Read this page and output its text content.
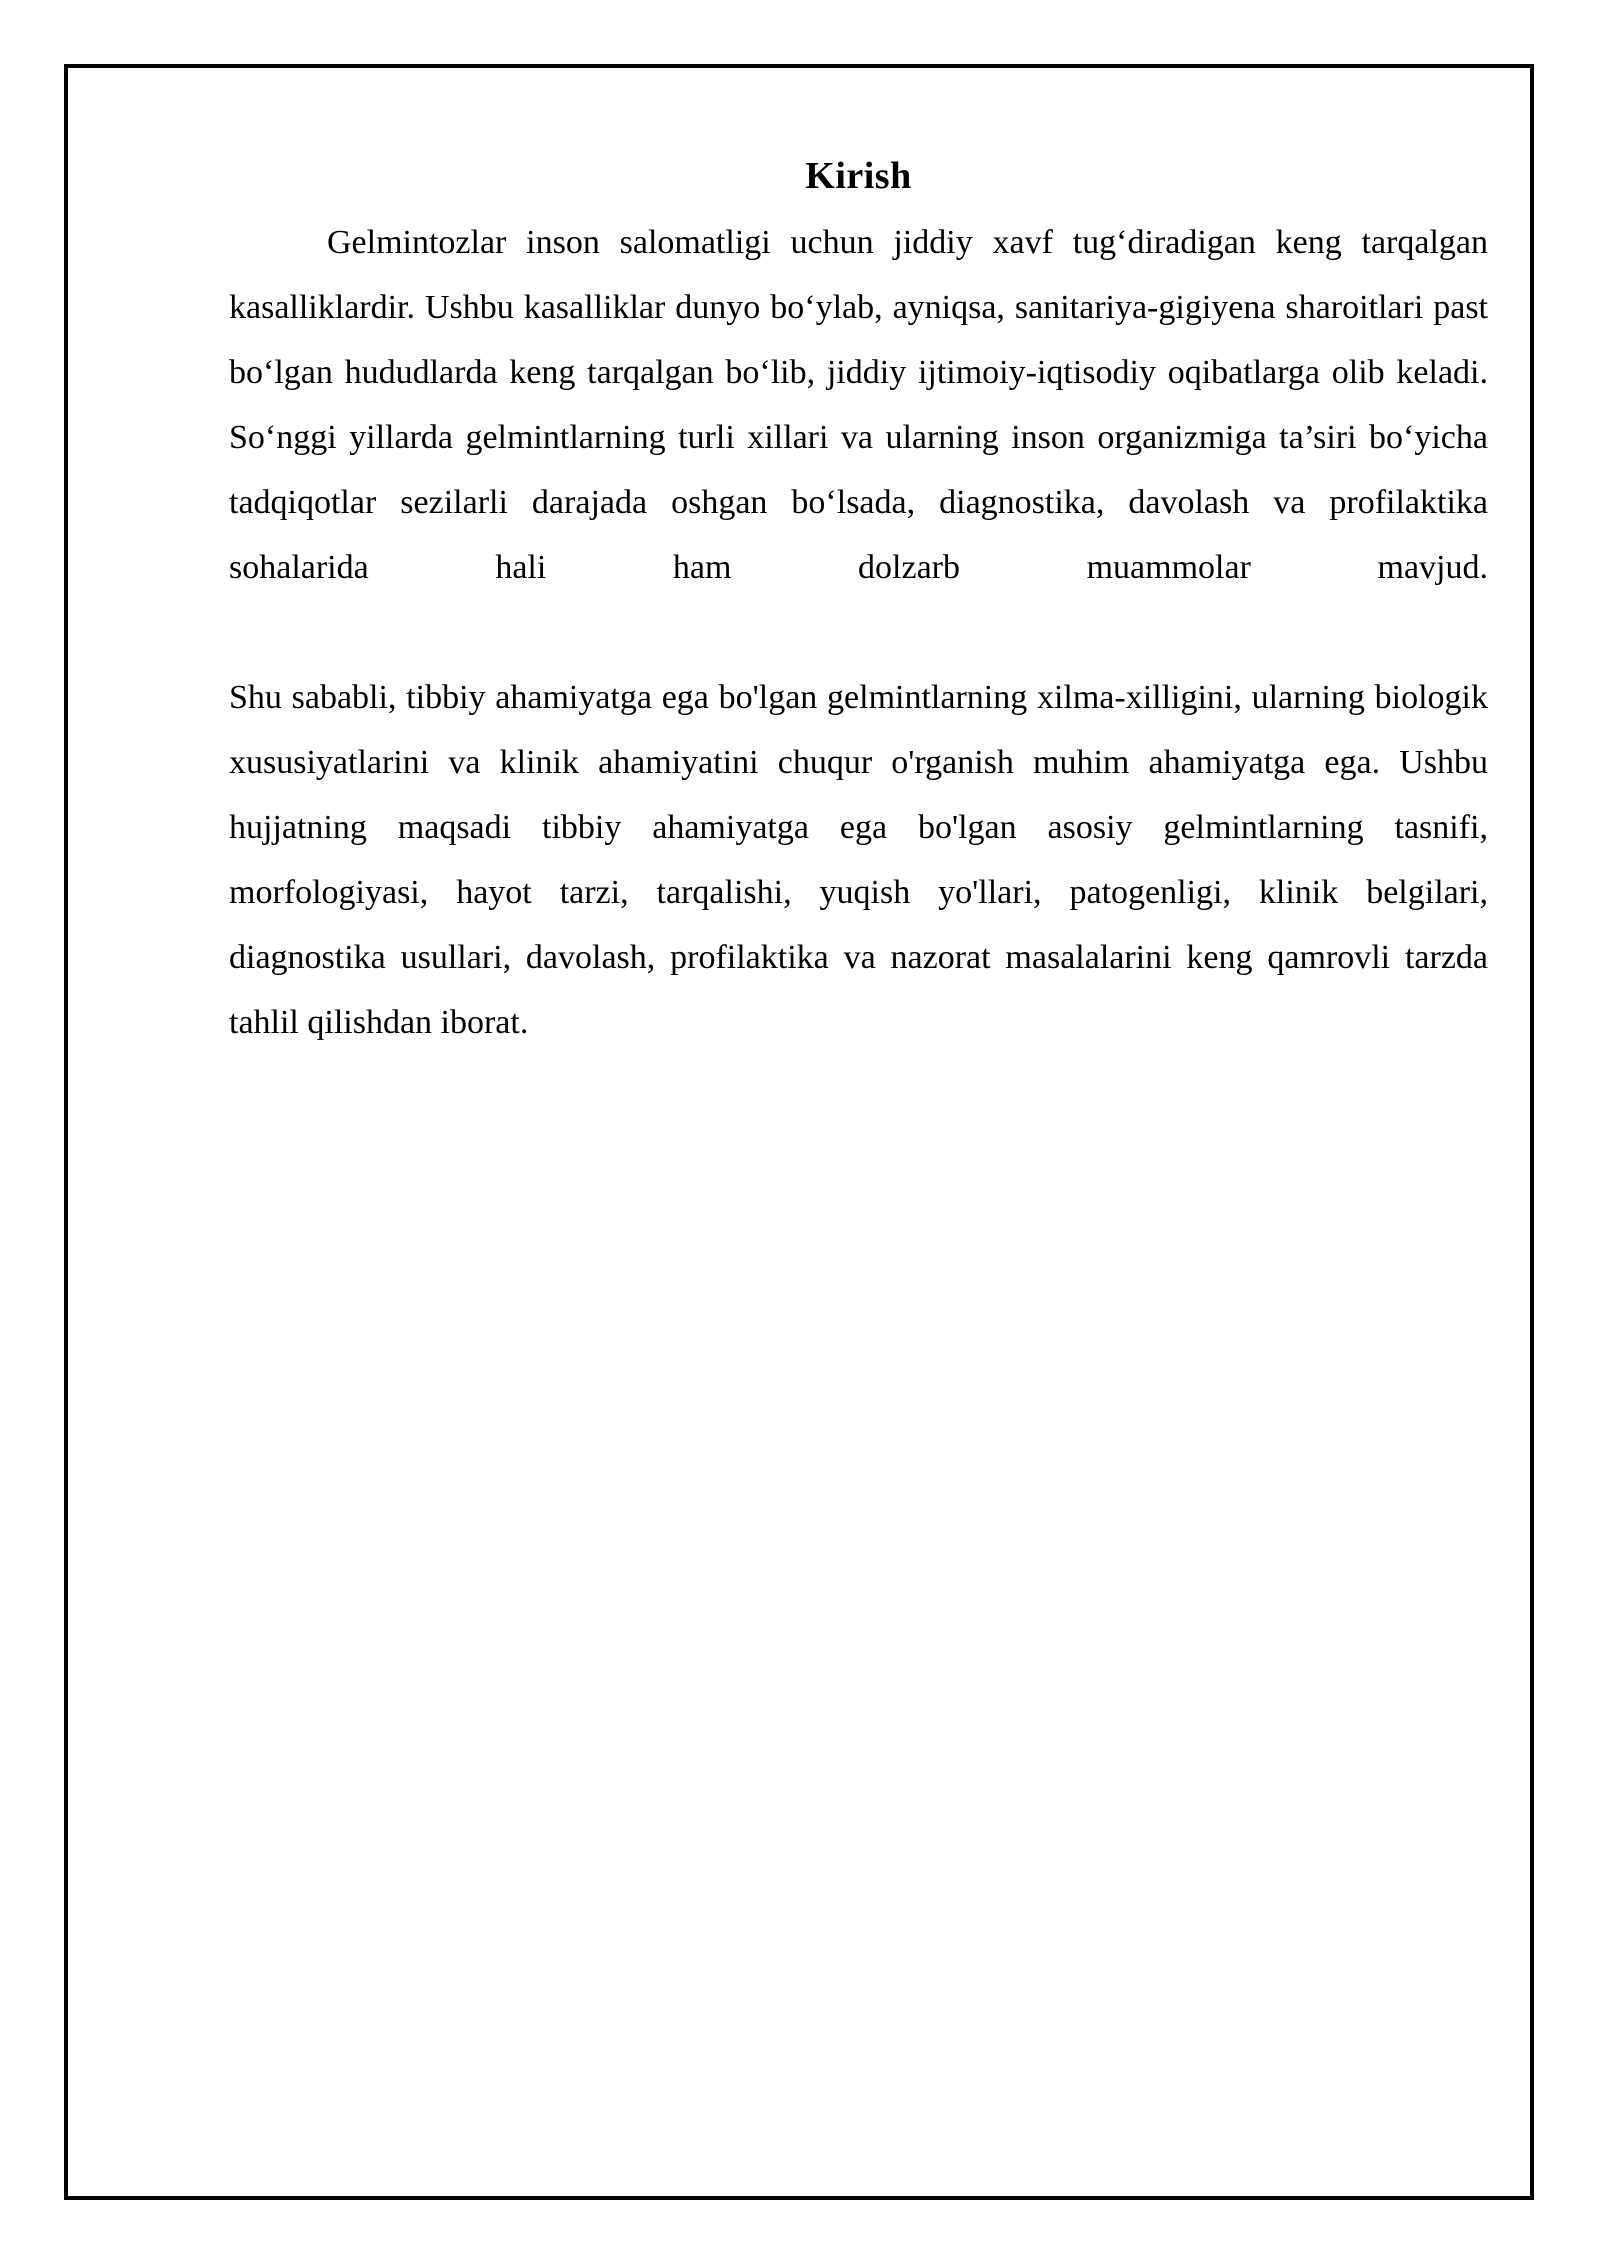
Kirish

Gelmintozlar inson salomatligi uchun jiddiy xavf tug‘diradigan keng tarqalgan kasalliklardir. Ushbu kasalliklar dunyo bo‘ylab, ayniqsa, sanitariya-gigiyena sharoitlari past bo‘lgan hududlarda keng tarqalgan bo‘lib, jiddiy ijtimoiy-iqtisodiy oqibatlarga olib keladi. So‘nggi yillarda gelmintlarning turli xillari va ularning inson organizmiga ta’siri bo‘yicha tadqiqotlar sezilarli darajada oshgan bo‘lsada, diagnostika, davolash va profilaktika sohalarida hali ham dolzarb muammolar mavjud.

Shu sababli, tibbiy ahamiyatga ega bo'lgan gelmintlarning xilma-xilligini, ularning biologik xususiyatlarini va klinik ahamiyatini chuqur o'rganish muhim ahamiyatga ega. Ushbu hujjatning maqsadi tibbiy ahamiyatga ega bo'lgan asosiy gelmintlarning tasnifi, morfologiyasi, hayot tarzi, tarqalishi, yuqish yo'llari, patogenligi, klinik belgilari, diagnostika usullari, davolash, profilaktika va nazorat masalalarini keng qamrovli tarzda tahlil qilishdan iborat.
